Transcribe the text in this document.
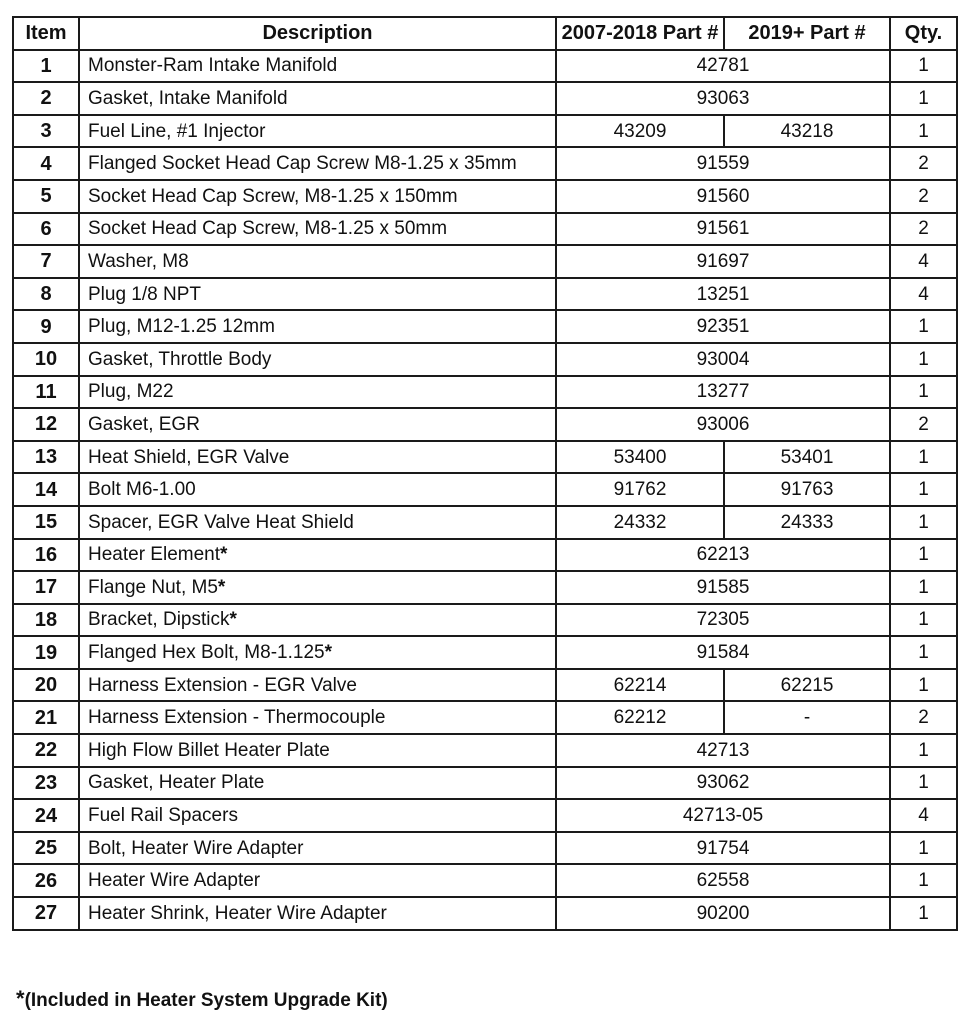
Item	Description	2007-2018 Part #	2019+ Part #	Qty.
1	Monster-Ram Intake Manifold	42781		1
2	Gasket, Intake Manifold	93063		1
3	Fuel Line, #1 Injector	43209	43218	1
4	Flanged Socket Head Cap Screw M8-1.25 x 35mm	91559		2
5	Socket Head Cap Screw, M8-1.25 x 150mm	91560		2
6	Socket Head Cap Screw, M8-1.25 x 50mm	91561		2
7	Washer, M8	91697		4
8	Plug 1/8 NPT	13251		4
9	Plug, M12-1.25 12mm	92351		1
10	Gasket, Throttle Body	93004		1
11	Plug, M22	13277		1
12	Gasket, EGR	93006		2
13	Heat Shield, EGR Valve	53400	53401	1
14	Bolt M6-1.00	91762	91763	1
15	Spacer, EGR Valve Heat Shield	24332	24333	1
16	Heater Element*	62213		1
17	Flange Nut, M5*	91585		1
18	Bracket, Dipstick*	72305		1
19	Flanged Hex Bolt, M8-1.125*	91584		1
20	Harness Extension - EGR Valve	62214	62215	1
21	Harness Extension - Thermocouple	62212	-	2
22	High Flow Billet Heater Plate	42713		1
23	Gasket, Heater Plate	93062		1
24	Fuel Rail Spacers	42713-05		4
25	Bolt, Heater Wire Adapter	91754		1
26	Heater Wire Adapter	62558		1
27	Heater Shrink, Heater Wire Adapter	90200		1
*(Included in Heater System Upgrade Kit)
